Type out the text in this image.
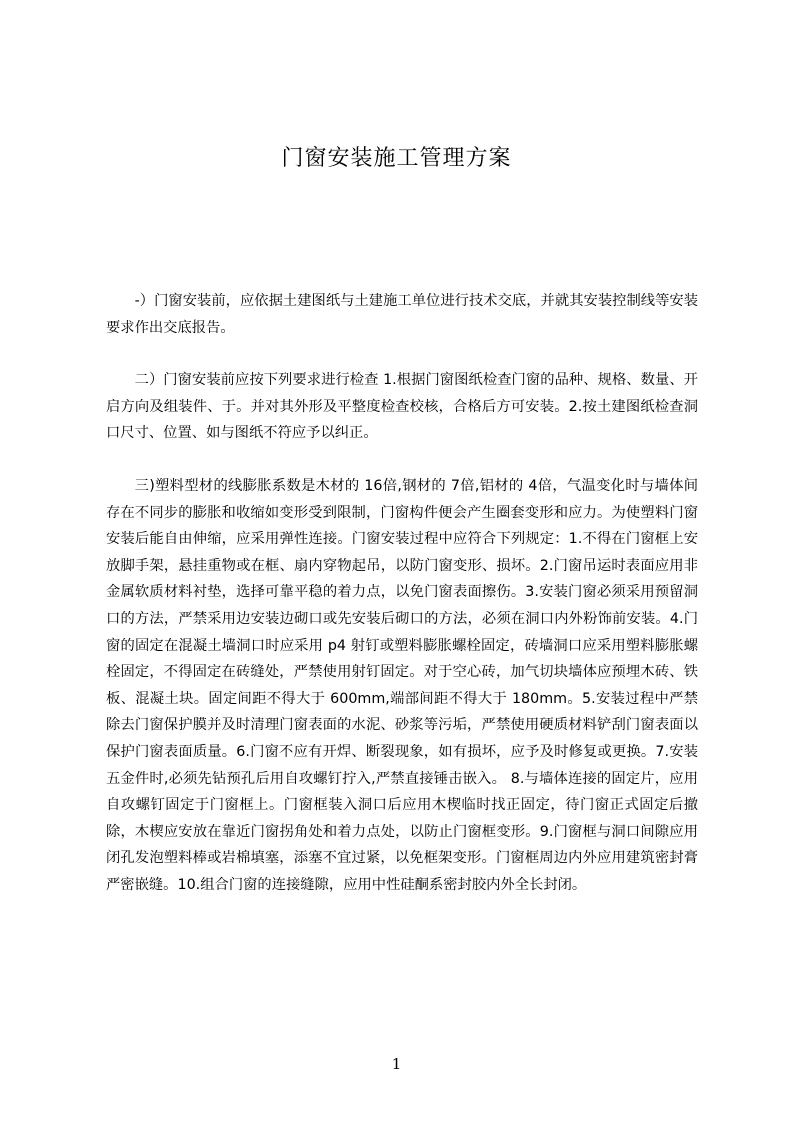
门窗安装施工管理方案

-）门窗安装前，应依据土建图纸与土建施工单位进行技术交底，并就其安装控制线等安装要求作出交底报告。

二）门窗安装前应按下列要求进行检查 1.根据门窗图纸检查门窗的品种、规格、数量、开启方向及组装件、于。并对其外形及平整度检查校核，合格后方可安装。2.按土建图纸检查洞口尺寸、位置、如与图纸不符应予以纠正。

三)塑料型材的线膨胀系数是木材的 16倍,钢材的 7倍,铝材的 4倍，气温变化时与墙体间存在不同步的膨胀和收缩如变形受到限制，门窗构件便会产生圈套变形和应力。为使塑料门窗安装后能自由伸缩，应采用弹性连接。门窗安装过程中应符合下列规定：1.不得在门窗框上安放脚手架，悬挂重物或在框、扇内穿物起吊，以防门窗变形、损坏。2.门窗吊运时表面应用非金属软质材料衬垫，选择可靠平稳的着力点，以免门窗表面擦伤。3.安装门窗必须采用预留洞口的方法，严禁采用边安装边砌口或先安装后砌口的方法，必须在洞口内外粉饰前安装。4.门窗的固定在混凝土墙洞口时应采用 p4 射钉或塑料膨胀螺栓固定，砖墙洞口应采用塑料膨胀螺栓固定，不得固定在砖缝处，严禁使用射钉固定。对于空心砖，加气切块墙体应预埋木砖、铁板、混凝土块。固定间距不得大于 600mm,端部间距不得大于 180mm。5.安装过程中严禁除去门窗保护膜并及时清理门窗表面的水泥、砂浆等污垢，严禁使用硬质材料铲刮门窗表面以保护门窗表面质量。6.门窗不应有开焊、断裂现象，如有损坏，应予及时修复或更换。7.安装五金件时,必须先钻预孔后用自攻螺钉拧入,严禁直接锤击嵌入。 8.与墙体连接的固定片，应用自攻螺钉固定于门窗框上。门窗框装入洞口后应用木楔临时找正固定，待门窗正式固定后撤除，木楔应安放在靠近门窗拐角处和着力点处，以防止门窗框变形。9.门窗框与洞口间隙应用闭孔发泡塑料棒或岩棉填塞，添塞不宜过紧，以免框架变形。门窗框周边内外应用建筑密封膏严密嵌缝。10.组合门窗的连接缝隙，应用中性硅酮系密封胶内外全长封闭。

1
